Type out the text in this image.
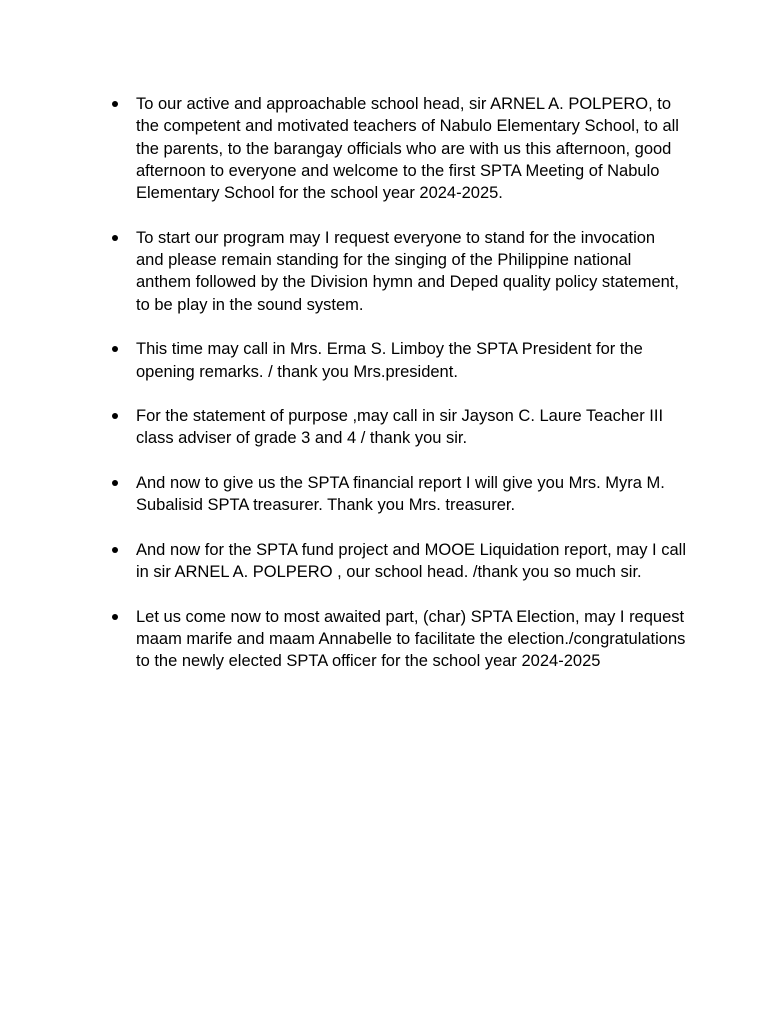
To our active and approachable school head, sir ARNEL A. POLPERO, to the competent and motivated teachers of Nabulo Elementary School, to all the parents, to the barangay officials who are with us this afternoon, good afternoon to everyone and welcome to the first SPTA Meeting of Nabulo Elementary School for the school year 2024-2025.
To start our program may I request everyone to stand for the invocation and please remain standing for the singing of the Philippine national anthem followed by the Division hymn and Deped quality policy statement, to be play in the sound system.
This time may call in Mrs. Erma S. Limboy the SPTA President for the opening remarks. / thank you Mrs.president.
For the statement of purpose ,may call in sir Jayson C. Laure Teacher III class adviser of grade 3 and 4 / thank you sir.
And now to give us the SPTA financial report I will give you Mrs. Myra M. Subalisid SPTA treasurer. Thank you Mrs. treasurer.
And now for the SPTA fund project and MOOE Liquidation report, may I call in sir ARNEL A. POLPERO , our school head. /thank you so much sir.
Let us come now to most awaited part, (char) SPTA Election, may I request maam marife and maam Annabelle to facilitate the election./congratulations to the newly elected SPTA officer for the school year 2024-2025
